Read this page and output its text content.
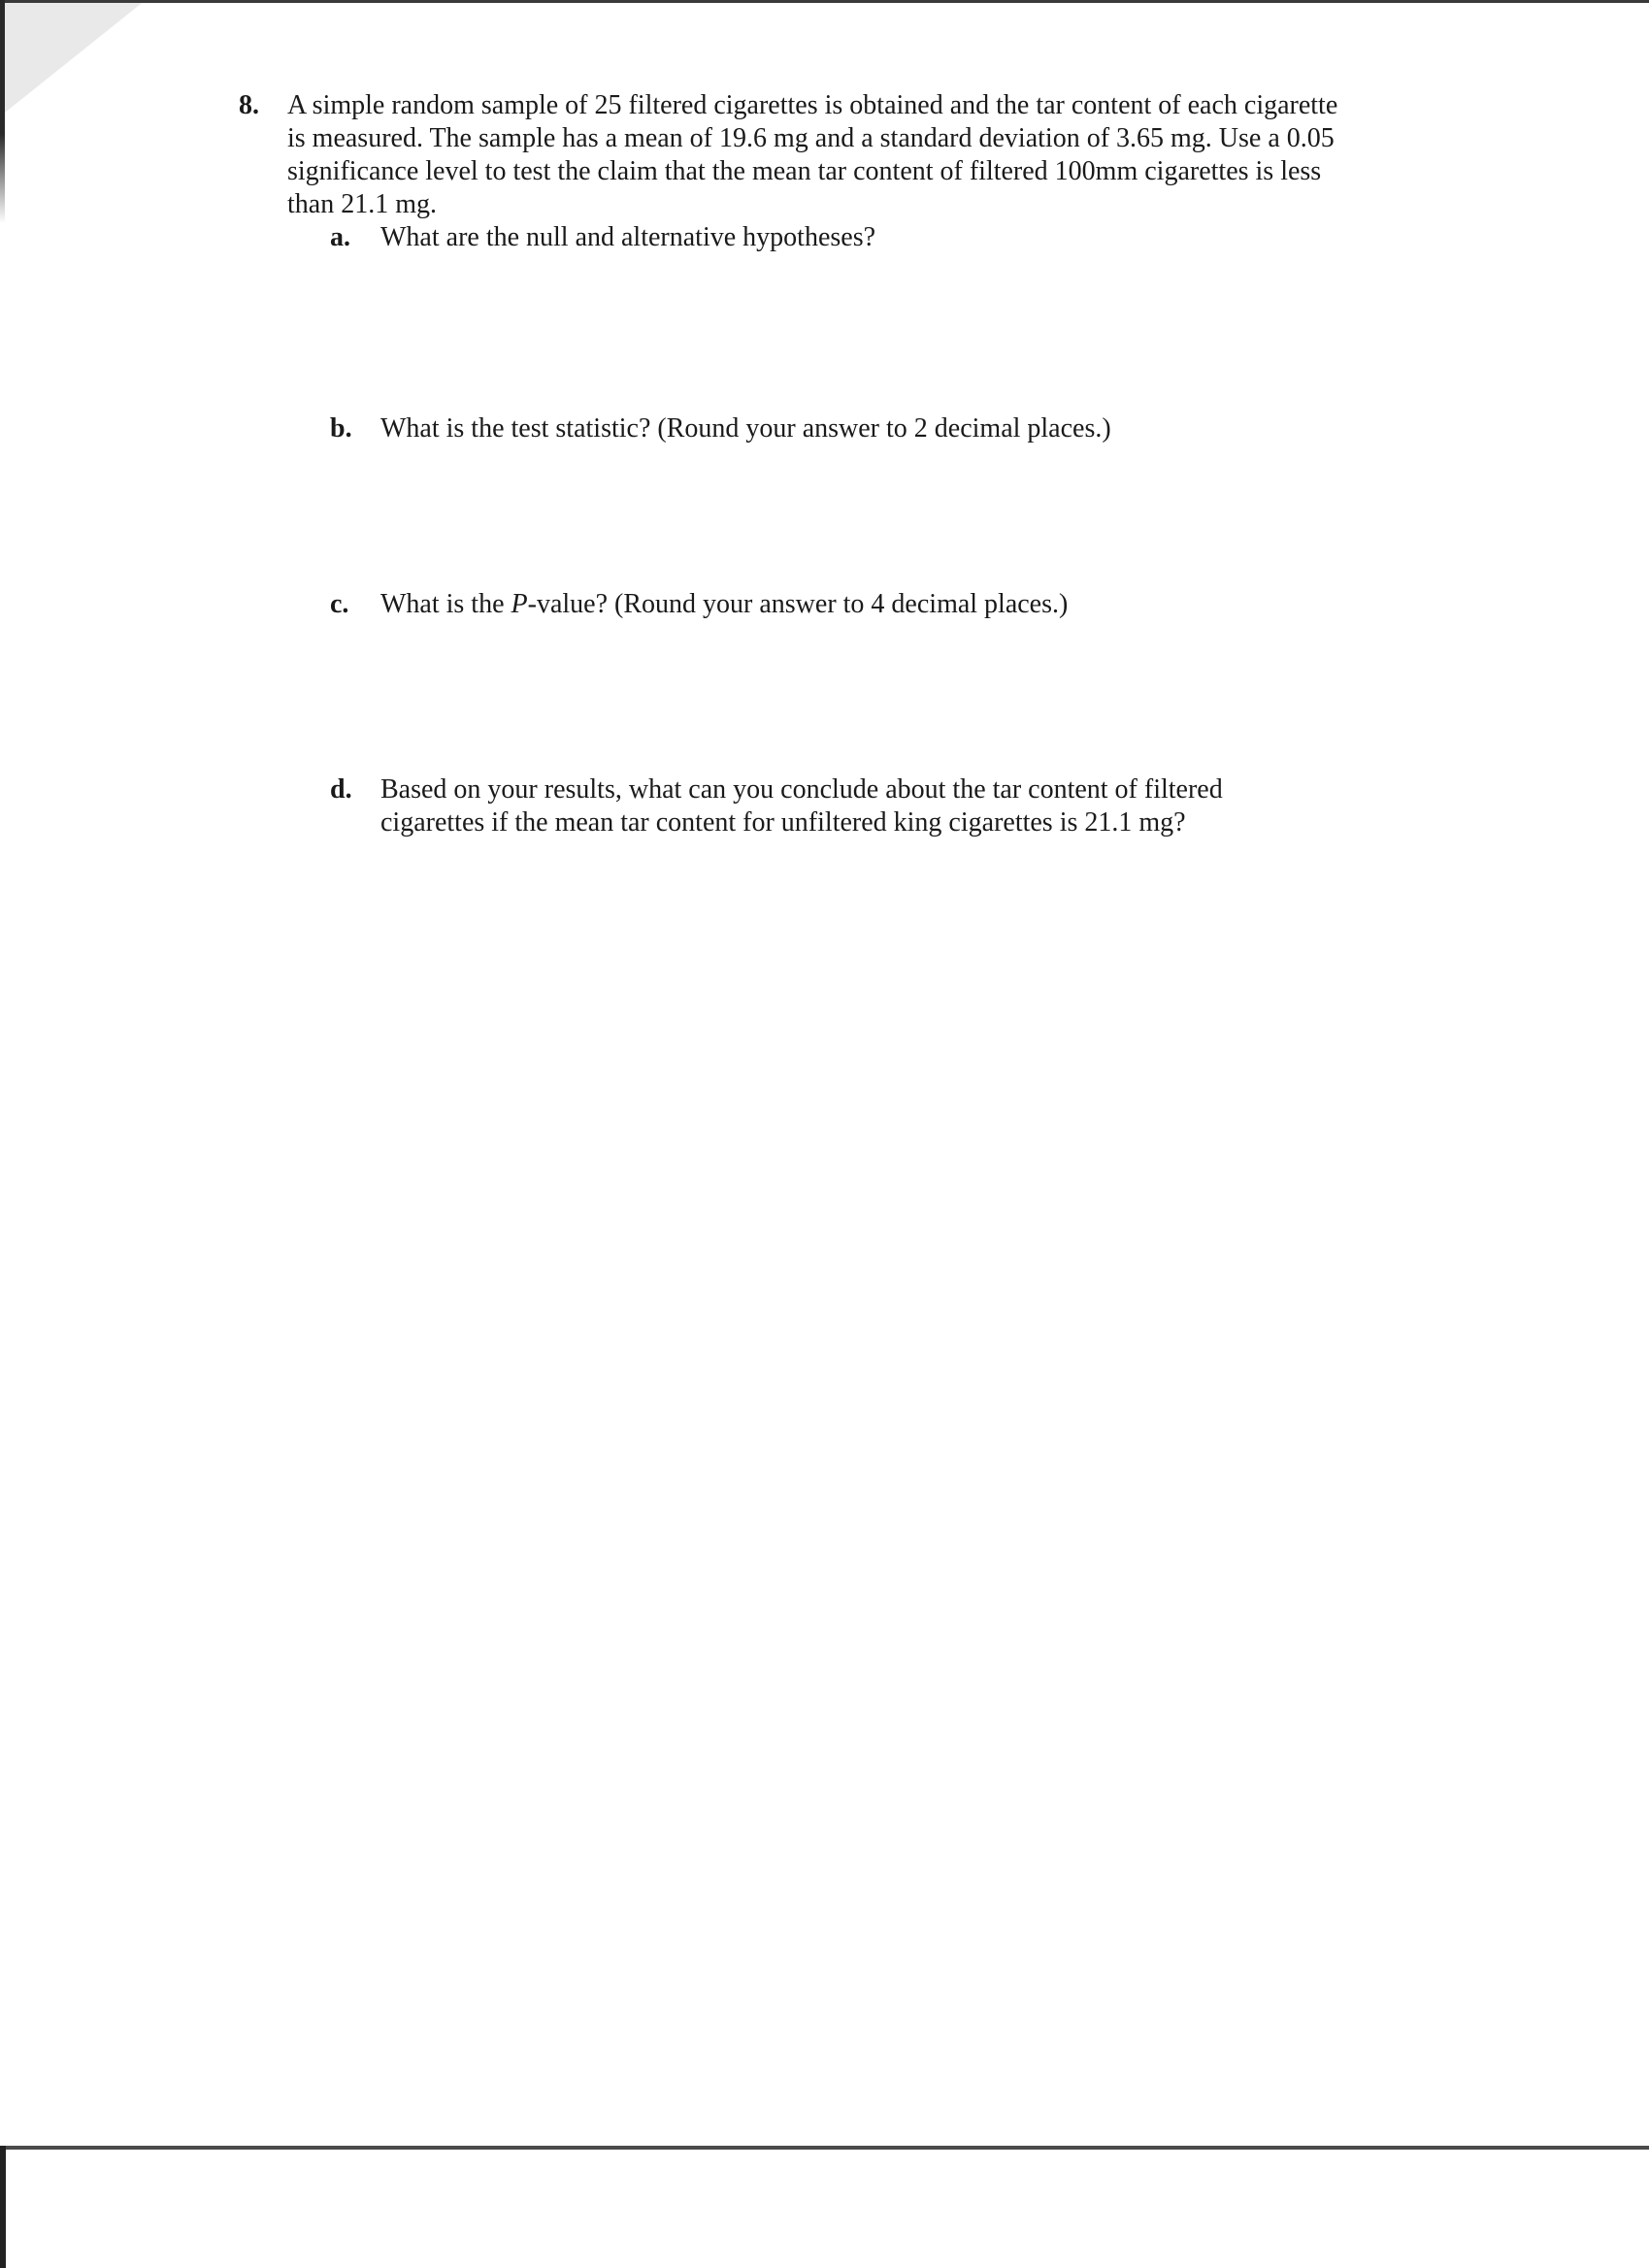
8. A simple random sample of 25 filtered cigarettes is obtained and the tar content of each cigarette is measured. The sample has a mean of 19.6 mg and a standard deviation of 3.65 mg. Use a 0.05 significance level to test the claim that the mean tar content of filtered 100mm cigarettes is less than 21.1 mg.
a. What are the null and alternative hypotheses?
b. What is the test statistic? (Round your answer to 2 decimal places.)
c. What is the P-value? (Round your answer to 4 decimal places.)
d. Based on your results, what can you conclude about the tar content of filtered cigarettes if the mean tar content for unfiltered king cigarettes is 21.1 mg?
